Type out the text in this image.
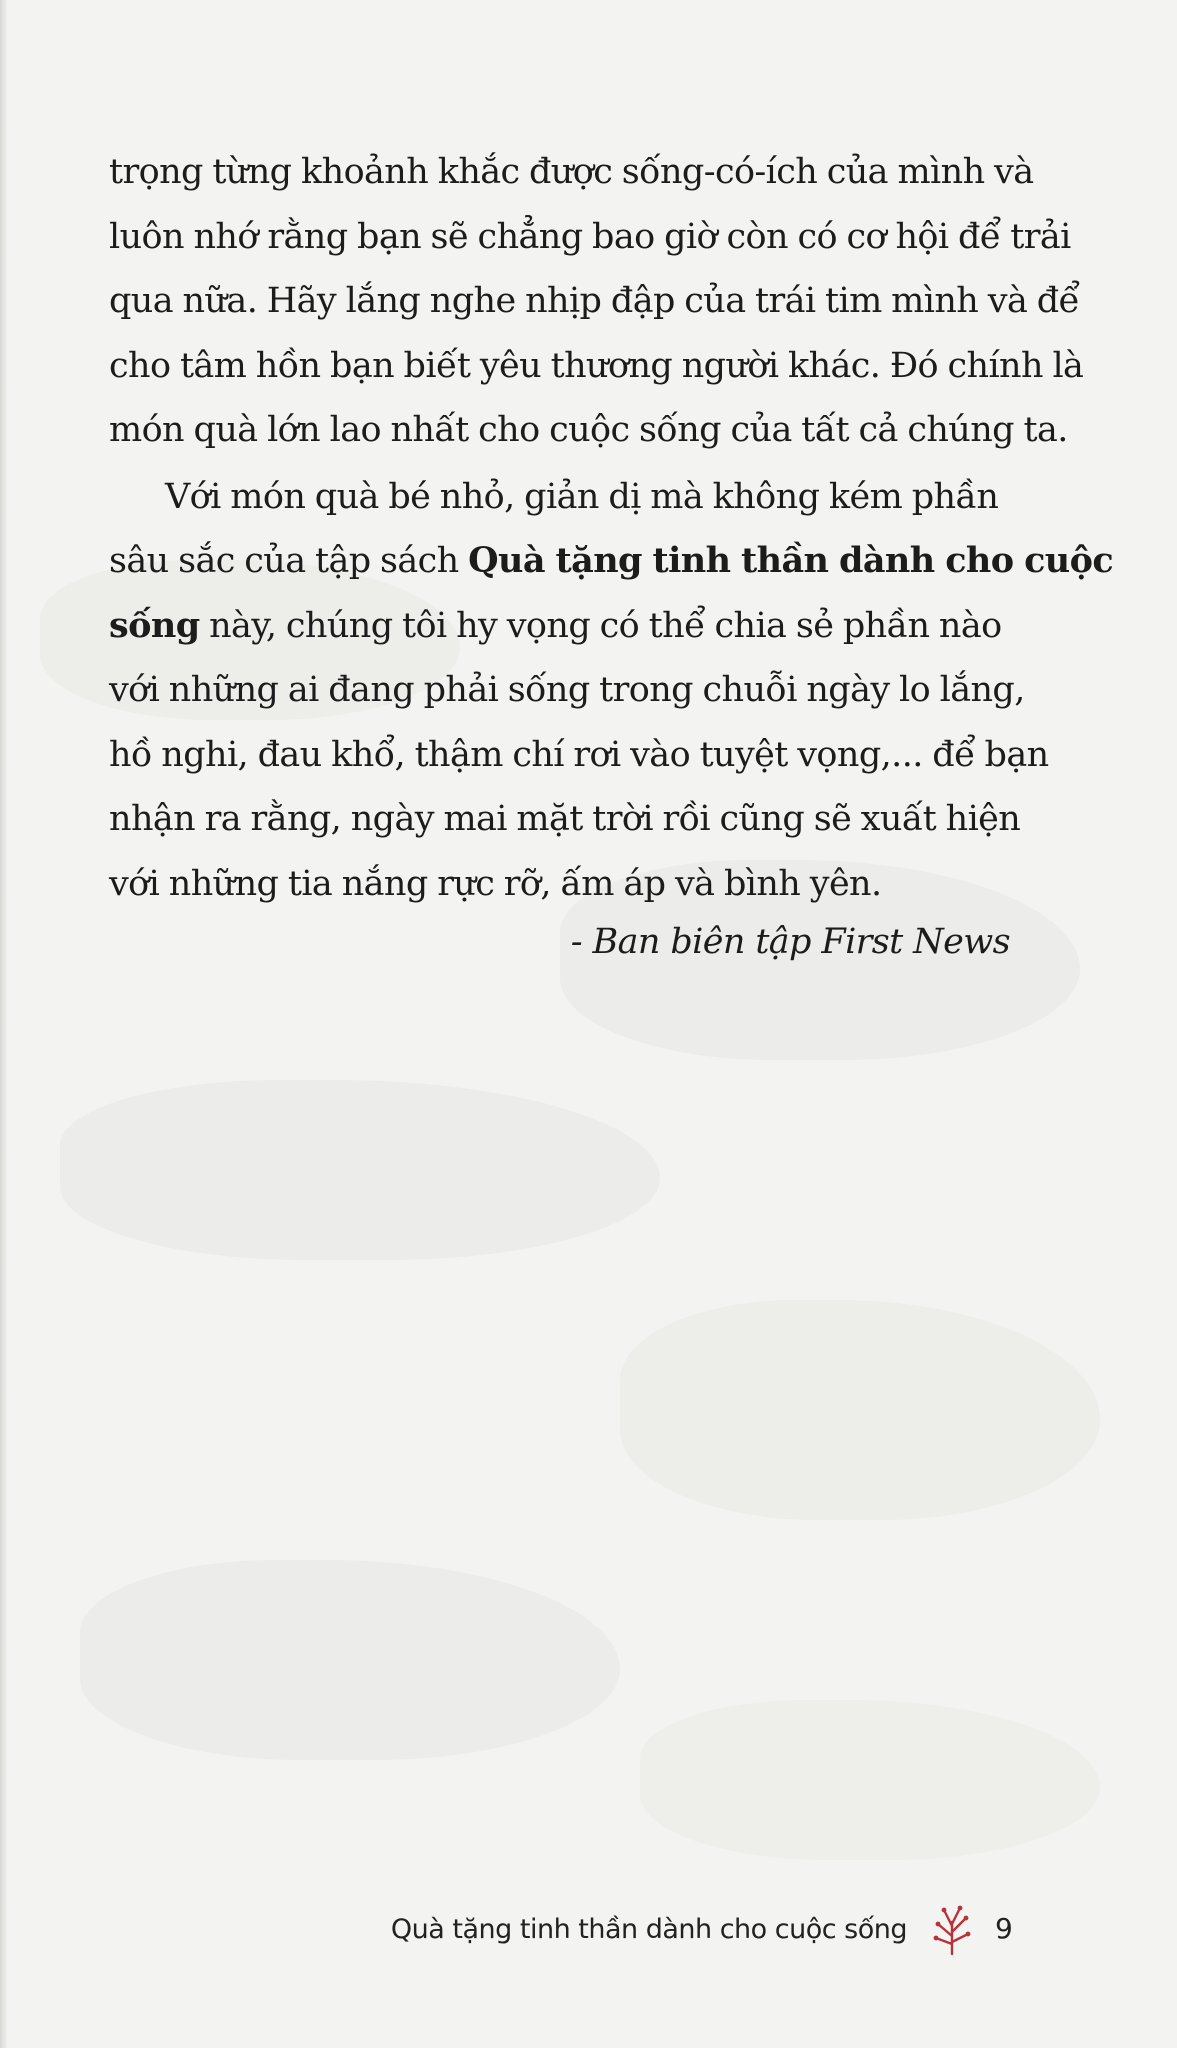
trọng từng khoảnh khắc được sống-có-ích của mình và
luôn nhớ rằng bạn sẽ chẳng bao giờ còn có cơ hội để trải
qua nữa. Hãy lắng nghe nhịp đập của trái tim mình và để
cho tâm hồn bạn biết yêu thương người khác. Đó chính là
món quà lớn lao nhất cho cuộc sống của tất cả chúng ta.
Với món quà bé nhỏ, giản dị mà không kém phần
sâu sắc của tập sách Quà tặng tinh thần dành cho cuộc
sống này, chúng tôi hy vọng có thể chia sẻ phần nào
với những ai đang phải sống trong chuỗi ngày lo lắng,
hồ nghi, đau khổ, thậm chí rơi vào tuyệt vọng,... để bạn
nhận ra rằng, ngày mai mặt trời rồi cũng sẽ xuất hiện
với những tia nắng rực rỡ, ấm áp và bình yên.
- Ban biên tập First News
Quà tặng tinh thần dành cho cuộc sống	9
